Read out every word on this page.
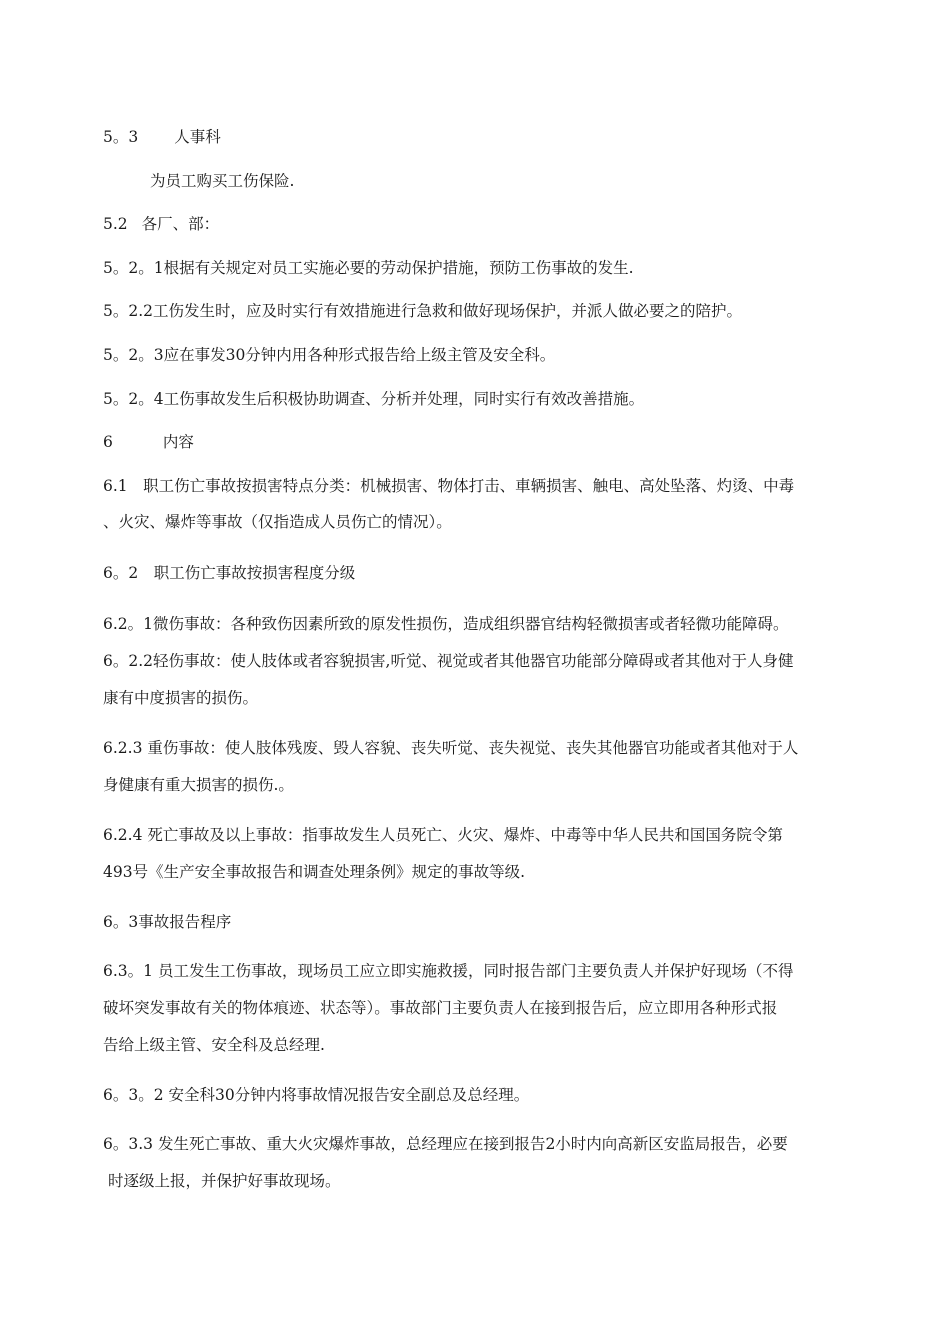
5。3 人事科
为员工购买工伤保险.
5.2 各厂、部：
5。2。1根据有关规定对员工实施必要的劳动保护措施，预防工伤事故的发生.
5。2.2工伤发生时，应及时实行有效措施进行急救和做好现场保护，并派人做必要之的陪护。
5。2。3应在事发30分钟内用各种形式报告给上级主管及安全科。
5。2。4工伤事故发生后积极协助调查、分析并处理，同时实行有效改善措施。
6	内容
6.1　职工伤亡事故按损害特点分类：机械损害、物体打击、車辆损害、触电、高处坠落、灼烫、中毒
、火灾、爆炸等事故（仅指造成人员伤亡的情况）。
6。2　职工伤亡事故按损害程度分级
6.2。1微伤事故：各种致伤因素所致的原发性损伤，造成组织器官结构轻微损害或者轻微功能障碍。
6。2.2轻伤事故：使人肢体或者容貌损害,听觉、视觉或者其他器官功能部分障碍或者其他对于人身健
康有中度损害的损伤。
6.2.3 重伤事故：使人肢体残废、毁人容貌、丧失听觉、丧失视觉、丧失其他器官功能或者其他对于人
身健康有重大损害的损伤.。
6.2.4 死亡事故及以上事故：指事故发生人员死亡、火灾、爆炸、中毒等中华人民共和国国务院令第
493号《生产安全事故报告和调查处理条例》规定的事故等级.
6。3事故报告程序
6.3。1 员工发生工伤事故，现场员工应立即实施救援，同时报告部门主要负责人并保护好现场（不得
破坏突发事故有关的物体痕迹、状态等）。事故部门主要负责人在接到报告后，应立即用各种形式报
告给上级主管、安全科及总经理.
6。3。2 安全科30分钟内将事故情况报告安全副总及总经理。
6。3.3 发生死亡事故、重大火灾爆炸事故，总经理应在接到报告2小时内向高新区安监局报告，必要
时逐级上报，并保护好事故现场。
